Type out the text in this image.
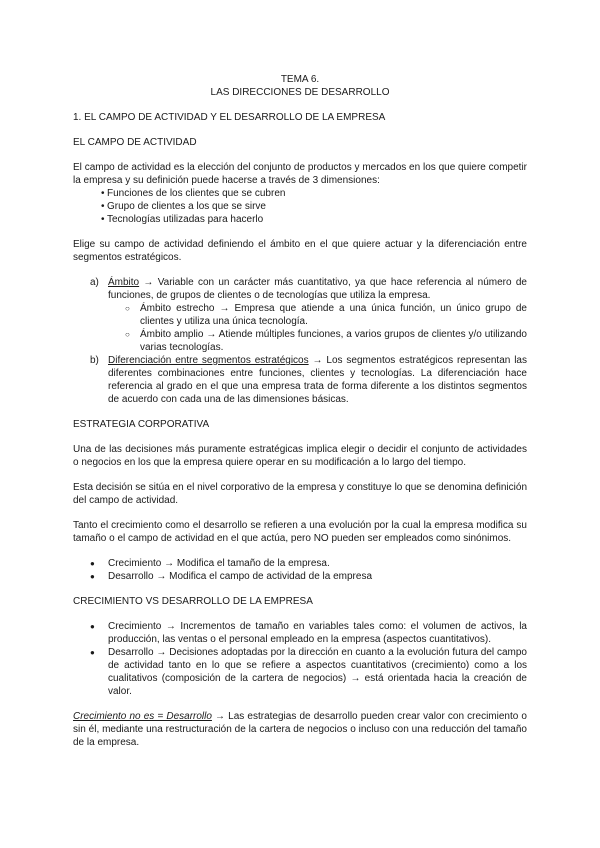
TEMA 6.
LAS DIRECCIONES DE DESARROLLO
1. EL CAMPO DE ACTIVIDAD Y EL DESARROLLO DE LA EMPRESA
EL CAMPO DE ACTIVIDAD

El campo de actividad es la elección del conjunto de productos y mercados en los que quiere competir la empresa y su definición puede hacerse a través de 3 dimensiones:

• Funciones de los clientes que se cubren
• Grupo de clientes a los que se sirve
• Tecnologías utilizadas para hacerlo

Elige su campo de actividad definiendo el ámbito en el que quiere actuar y la diferenciación entre segmentos estratégicos.

a) Ámbito → Variable con un carácter más cuantitativo, ya que hace referencia al número de funciones, de grupos de clientes o de tecnologías que utiliza la empresa.
○ Ámbito estrecho → Empresa que atiende a una única función, un único grupo de clientes y utiliza una única tecnología.
○ Ámbito amplio → Atiende múltiples funciones, a varios grupos de clientes y/o utilizando varias tecnologías.
b) Diferenciación entre segmentos estratégicos → Los segmentos estratégicos representan las diferentes combinaciones entre funciones, clientes y tecnologías. La diferenciación hace referencia al grado en el que una empresa trata de forma diferente a los distintos segmentos de acuerdo con cada una de las dimensiones básicas.
ESTRATEGIA CORPORATIVA

Una de las decisiones más puramente estratégicas implica elegir o decidir el conjunto de actividades o negocios en los que la empresa quiere operar en su modificación a lo largo del tiempo.

Esta decisión se sitúa en el nivel corporativo de la empresa y constituye lo que se denomina definición del campo de actividad.

Tanto el crecimiento como el desarrollo se refieren a una evolución por la cual la empresa modifica su tamaño o el campo de actividad en el que actúa, pero NO pueden ser empleados como sinónimos.

● Crecimiento → Modifica el tamaño de la empresa.
● Desarrollo → Modifica el campo de actividad de la empresa
CRECIMIENTO VS DESARROLLO DE LA EMPRESA
● Crecimiento → Incrementos de tamaño en variables tales como: el volumen de activos, la producción, las ventas o el personal empleado en la empresa (aspectos cuantitativos).
● Desarrollo → Decisiones adoptadas por la dirección en cuanto a la evolución futura del campo de actividad tanto en lo que se refiere a aspectos cuantitativos (crecimiento) como a los cualitativos (composición de la cartera de negocios) → está orientada hacia la creación de valor.

Crecimiento no es = Desarrollo → Las estrategias de desarrollo pueden crear valor con crecimiento o sin él, mediante una restructuración de la cartera de negocios o incluso con una reducción del tamaño de la empresa.
